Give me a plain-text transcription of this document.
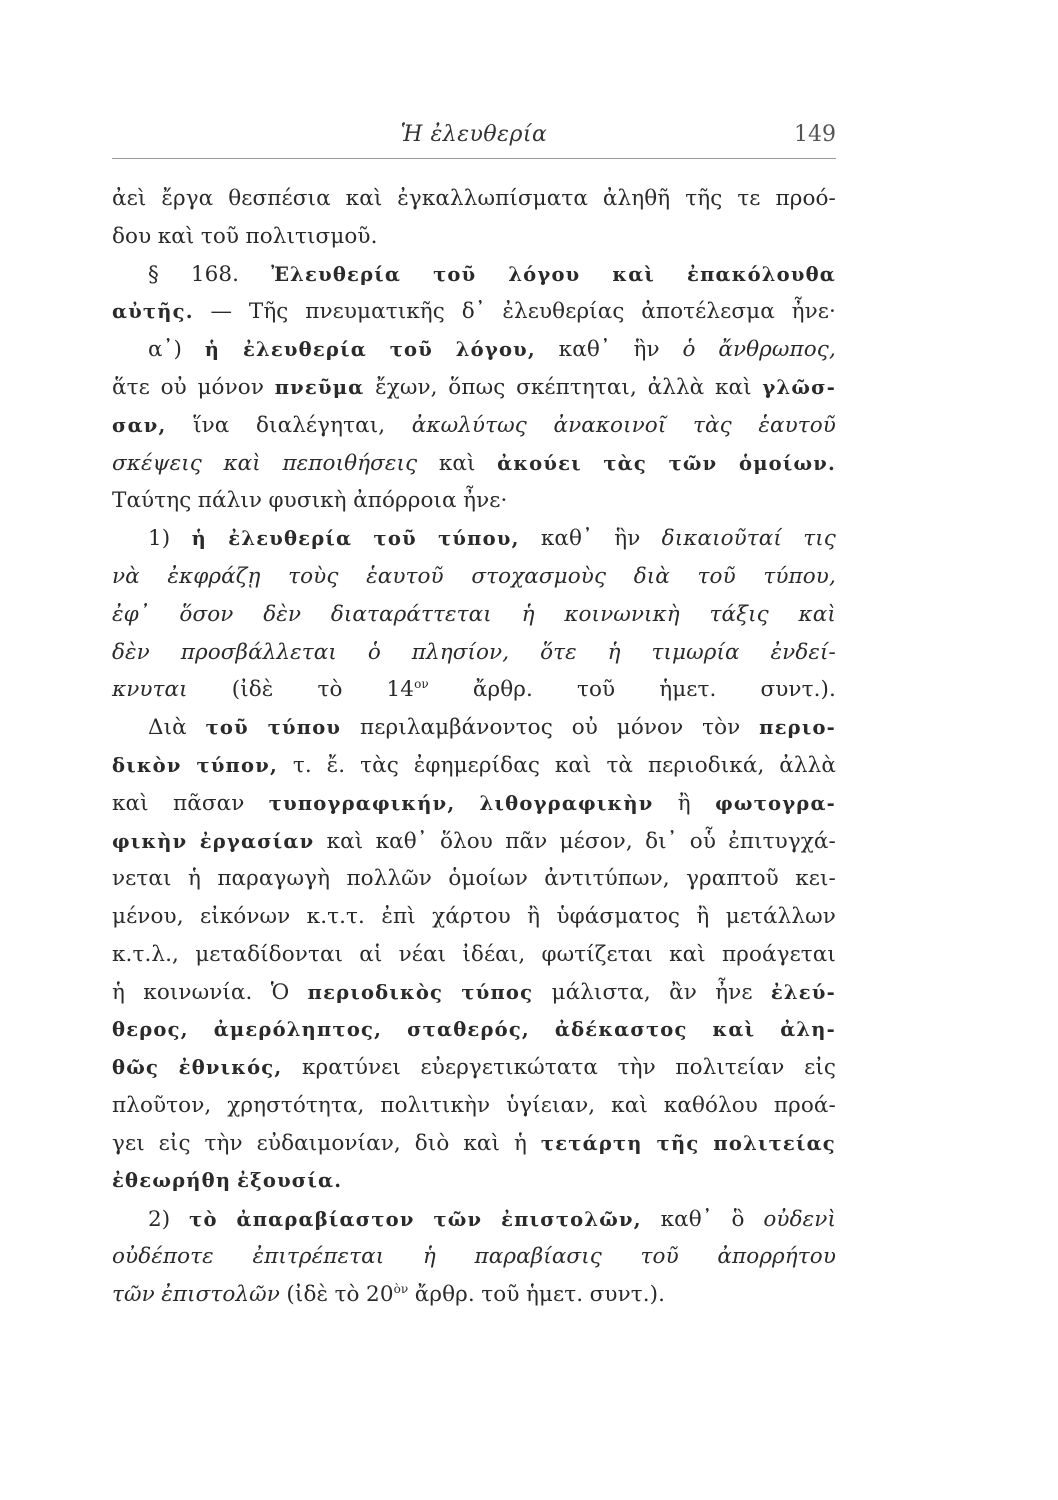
Ἡ ἐλευθερία	149
ἀεὶ ἔργα θεσπέσια καὶ ἐγκαλλωπίσματα ἀληθῆ τῆς τε προό-
δου καὶ τοῦ πολιτισμοῦ.
§ 168. Ἐλευθερία τοῦ λόγου καὶ ἐπακόλουθα
αὐτῆς. — Τῆς πνευματικῆς δ᾽ ἐλευθερίας ἀποτέλεσμα ἦνε·
α᾽) ἡ ἐλευθερία τοῦ λόγου, καθ᾽ ἣν ὁ ἄνθρωπος,
ἅτε οὐ μόνον πνεῦμα ἔχων, ὅπως σκέπτηται, ἀλλὰ καὶ γλῶσ-
σαν, ἵνα διαλέγηται, ἀκωλύτως ἀνακοινοῖ τὰς ἑαυτοῦ
σκέψεις καὶ πεποιθήσεις καὶ ἀκούει τὰς τῶν ὁμοίων.
Ταύτης πάλιν φυσικὴ ἀπόρροια ἦνε·
1) ἡ ἐλευθερία τοῦ τύπου, καθ᾽ ἣν δικαιοῦταί τις
νὰ ἐκφράζῃ τοὺς ἑαυτοῦ στοχασμοὺς διὰ τοῦ τύπου,
ἐφ᾽ ὅσον δὲν διαταράττεται ἡ κοινωνικὴ τάξις καὶ
δὲν προσβάλλεται ὁ πλησίον, ὅτε ἡ τιμωρία ἐνδεί-
κνυται (ἰδὲ τὸ $14^{o\nu}$ ἄρθρ. τοῦ ἡμετ. συντ.).
Διὰ τοῦ τύπου περιλαμβάνοντος οὐ μόνον τὸν περιο-
δικὸν τύπον, τ. ἔ. τὰς ἐφημερίδας καὶ τὰ περιοδικά, ἀλλὰ
καὶ πᾶσαν τυπογραφικήν, λιθογραφικὴν ἢ φωτογρα-
φικὴν ἐργασίαν καὶ καθ᾽ ὅλου πᾶν μέσον, δι᾽ οὗ ἐπιτυγχά-
νεται ἡ παραγωγὴ πολλῶν ὁμοίων ἀντιτύπων, γραπτοῦ κει-
μένου, εἰκόνων κ.τ.τ. ἐπὶ χάρτου ἢ ὑφάσματος ἢ μετάλλων
κ.τ.λ., μεταδίδονται αἱ νέαι ἰδέαι, φωτίζεται καὶ προάγεται
ἡ κοινωνία. Ὁ περιοδικὸς τύπος μάλιστα, ἂν ἦνε ἐλεύ-
θερος, ἀμερόληπτος, σταθερός, ἀδέκαστος καὶ ἀλη-
θῶς ἐθνικός, κρατύνει εὐεργετικώτατα τὴν πολιτείαν εἰς
πλοῦτον, χρηστότητα, πολιτικὴν ὑγίειαν, καὶ καθόλου προά-
γει εἰς τὴν εὐδαιμονίαν, διὸ καὶ ἡ τετάρτη τῆς πολιτείας
ἐθεωρήθη ἐξουσία.
2) τὸ ἀπαραβίαστον τῶν ἐπιστολῶν, καθ᾽ ὃ οὐδενὶ
οὐδέποτε ἐπιτρέπεται ἡ παραβίασις τοῦ ἀπορρήτου
τῶν ἐπιστολῶν (ἰδὲ τὸ $20^{ὸ\nu}$ ἄρθρ. τοῦ ἡμετ. συντ.).
